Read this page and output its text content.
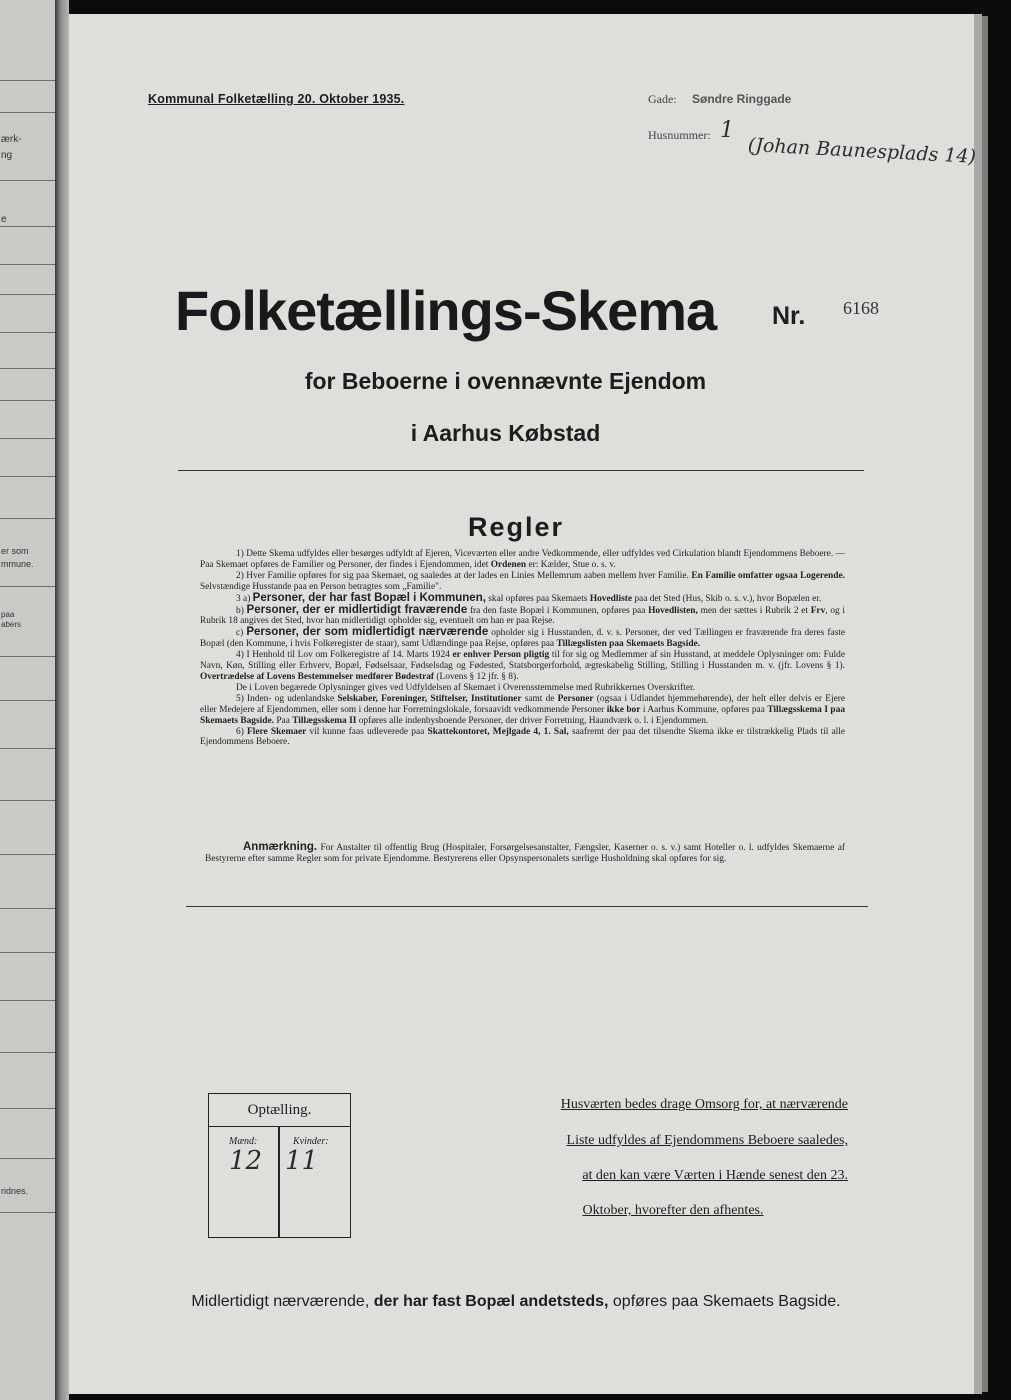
ærk-
ng
e
er som
mmune.
paa
abers
ridnes.
Kommunal Folketælling 20. Oktober 1935.	Gade: Søndre Ringgade
Husnummer: 1
(Johan Baunesplads 14)
Folketællings-Skema Nr. 6168
for Beboerne i ovennævnte Ejendom
i Aarhus Købstad
Regler

1) Dette Skema udfyldes eller besørges udfyldt af Ejeren, Viceværten eller andre Vedkommende, eller udfyldes ved Cirkulation blandt Ejendommens Beboere. — Paa Skemaet opføres de Familier og Personer, der findes i Ejendommen, idet Ordenen er: Kælder, Stue o. s. v.

2) Hver Familie opføres for sig paa Skemaet, og saaledes at der lades en Linies Mellemrum aaben mellem hver Familie. En Familie omfatter ogsaa Logerende. Selvstændige Husstande paa en Person betragtes som „Familie".

3 a) Personer, der har fast Bopæl i Kommunen, skal opføres paa Skemaets Hovedliste paa det Sted (Hus, Skib o. s. v.), hvor Bopælen er.

b) Personer, der er midlertidigt fraværende fra den faste Bopæl i Kommunen, opføres paa Hovedlisten, men der sættes i Rubrik 2 et Frv, og i Rubrik 18 angives det Sted, hvor han midlertidigt opholder sig, eventuelt om han er paa Rejse.

c) Personer, der som midlertidigt nærværende opholder sig i Husstanden, d. v. s. Personer, der ved Tællingen er fraværende fra deres faste Bopæl (den Kommune, i hvis Folkeregister de staar), samt Udlændinge paa Rejse, opføres paa Tillægslisten paa Skemaets Bagside.

4) I Henhold til Lov om Folkeregistre af 14. Marts 1924 er enhver Person pligtig til for sig og Medlemmer af sin Husstand, at meddele Oplysninger om: Fulde Navn, Køn, Stilling eller Erhverv, Bopæl, Fødselsaar, Fødselsdag og Fødested, Statsborgerforhold, ægteskabelig Stilling, Stilling i Husstanden m. v. (jfr. Lovens § 1). Overtrædelse af Lovens Bestemmelser medfører Bødestraf (Lovens § 12 jfr. § 8).

De i Loven begærede Oplysninger gives ved Udfyldelsen af Skemaet i Overensstemmelse med Rubrikkernes Overskrifter.

5) Inden- og udenlandske Selskaber, Foreninger, Stiftelser, Institutioner samt de Personer (ogsaa i Udlandet hjemmehørende), der helt eller delvis er Ejere eller Medejere af Ejendommen, eller som i denne har Forretningslokale, forsaavidt vedkommende Personer ikke bor i Aarhus Kommune, opføres paa Tillægsskema I paa Skemaets Bagside. Paa Tillægsskema II opføres alle indenbysboende Personer, der driver Forretning, Haandværk o. l. i Ejendommen.

6) Flere Skemaer vil kunne faas udleverede paa Skattekontoret, Mejlgade 4, 1. Sal, saafremt der paa det tilsendte Skema ikke er tilstrækkelig Plads til alle Ejendommens Beboere.

Anmærkning. For Anstalter til offentlig Brug (Hospitaler, Forsørgelsesanstalter, Fængsler, Kaserner o. s. v.) samt Hoteller o. l. udfyldes Skemaerne af Bestyrerne efter samme Regler som for private Ejendomme. Bestyrerens eller Opsynspersonalets særlige Husholdning skal opføres for sig.

Optælling.
Mænd:	Kvinder:
12 11
Husværten bedes drage Omsorg for, at nærværende
Liste udfyldes af Ejendommens Beboere saaledes,
at den kan være Værten i Hænde senest den 23.
Oktober, hvorefter den afhentes.
Midlertidigt nærværende, der har fast Bopæl andetsteds, opføres paa Skemaets Bagside.
